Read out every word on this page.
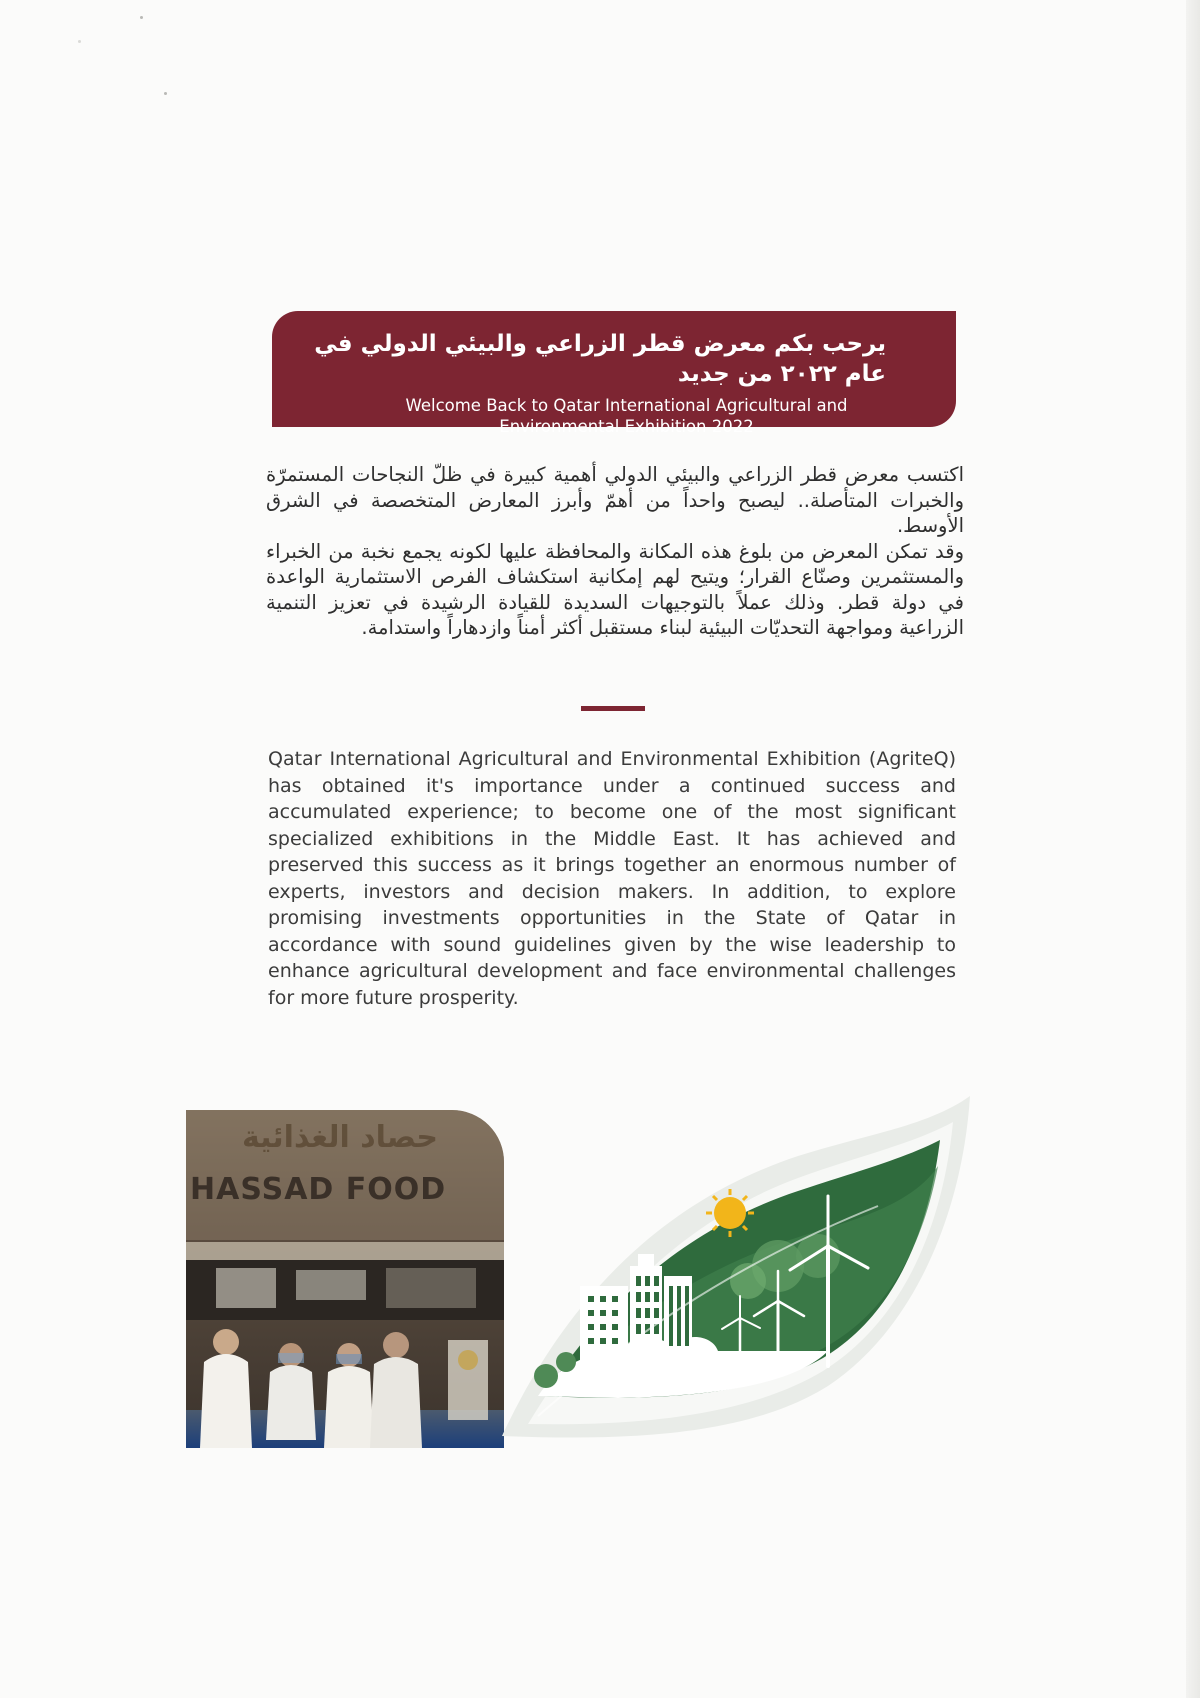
يرحب بكم معرض قطر الزراعي والبيئي الدولي في عام ٢٠٢٢ من جديد
Welcome Back to Qatar International Agricultural and Environmental Exhibition 2022

اكتسب معرض قطر الزراعي والبيئي الدولي أهمية كبيرة في ظلّ النجاحات المستمرّة والخبرات المتأصلة.. ليصبح واحداً من أهمّ وأبرز المعارض المتخصصة في الشرق الأوسط.

وقد تمكن المعرض من بلوغ هذه المكانة والمحافظة عليها لكونه يجمع نخبة من الخبراء والمستثمرين وصنّاع القرار؛ ويتيح لهم إمكانية استكشاف الفرص الاستثمارية الواعدة في دولة قطر. وذلك عملاً بالتوجيهات السديدة للقيادة الرشيدة في تعزيز التنمية الزراعية ومواجهة التحديّات البيئية لبناء مستقبل أكثر أمناً وازدهاراً واستدامة.

Qatar International Agricultural and Environmental Exhibition (AgriteQ) has obtained it's importance under a continued success and accumulated experience; to become one of the most significant specialized exhibitions in the Middle East. It has achieved and preserved this success as it brings together an enormous number of experts, investors and decision makers. In addition, to explore promising investments opportunities in the State of Qatar in accordance with sound guidelines given by the wise leadership to enhance agricultural development and face environmental challenges for more future prosperity.

حصاد الغذائية
HASSAD FOOD
